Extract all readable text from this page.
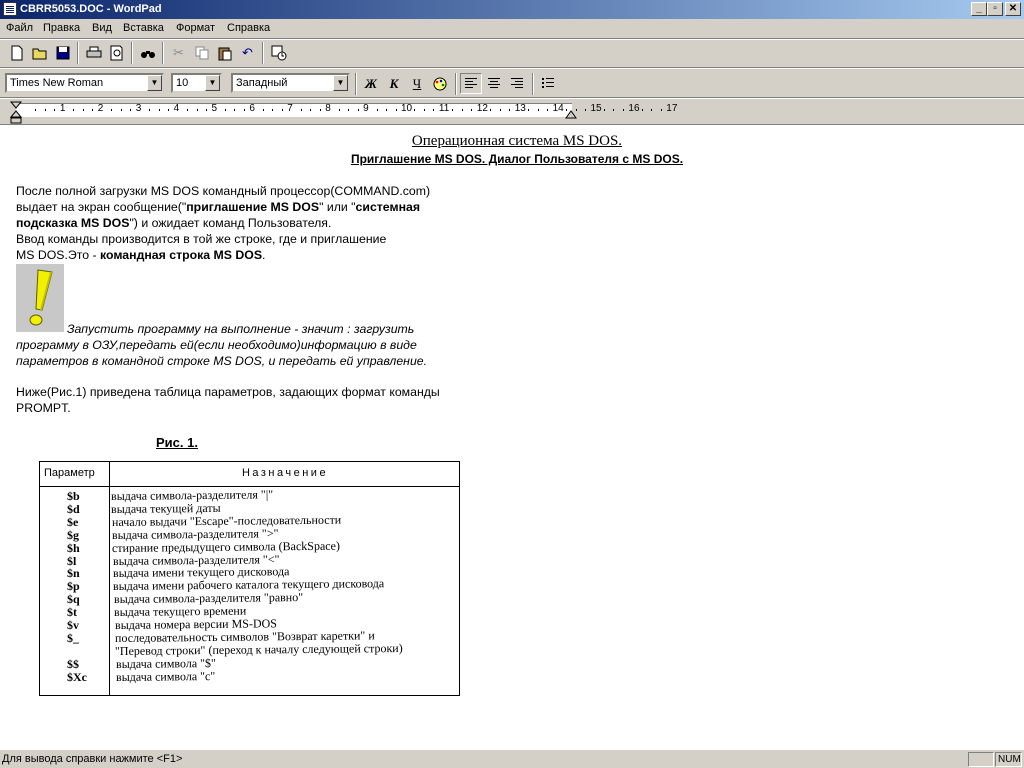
CBRR5053.DOC - WordPad	_	▫	✕
Файл Правка Вид Вставка Формат Справка
✂	↶
Times New Roman	▼	10	▼	Западный	▼	Ж К	Ч
1	2	3	4	5	6	7	8	9	10	11	12	13	14	15	16	17
Операционная система MS DOS.
Приглашение MS DOS. Диалог Пользователя с MS DOS.
После полной загрузки MS DOS командный процессор(COMMAND.com)
выдает на экран сообщение("приглашение MS DOS" или "системная
подсказка MS DOS") и ожидает команд Пользователя.
Ввод команды производится в той же строке, где и приглашение
MS DOS.Это - командная строка MS DOS.
Запустить программу на выполнение - значит : загрузить
программу в ОЗУ,передать ей(если необходимо)информацию в виде
параметров в командной строке MS DOS, и передать ей управление.
Ниже(Рис.1) приведена таблица параметров, задающих формат команды
PROMPT.
Рис. 1.
Параметр	Назначение
$b	выдача символа-разделителя "|"
$d	выдача текущей даты
$e	начало выдачи "Escape"-последовательности
$g	выдача символа-разделителя ">"
$h	стирание предыдущего символа (BackSpace)
$l	выдача символа-разделителя "<"
$n	выдача имени текущего дисковода
$p	выдача имени рабочего каталога текущего дисковода
$q	выдача символа-разделителя "равно"
$t	выдача текущего времени
$v	выдача номера версии MS-DOS
$_	последовательность символов "Возврат каретки" и
"Перевод строки" (переход к началу следующей строки)
$$	выдача символа "$"
$Xc выдача символа "c"
Для вывода справки нажмите <F1>	NUM
